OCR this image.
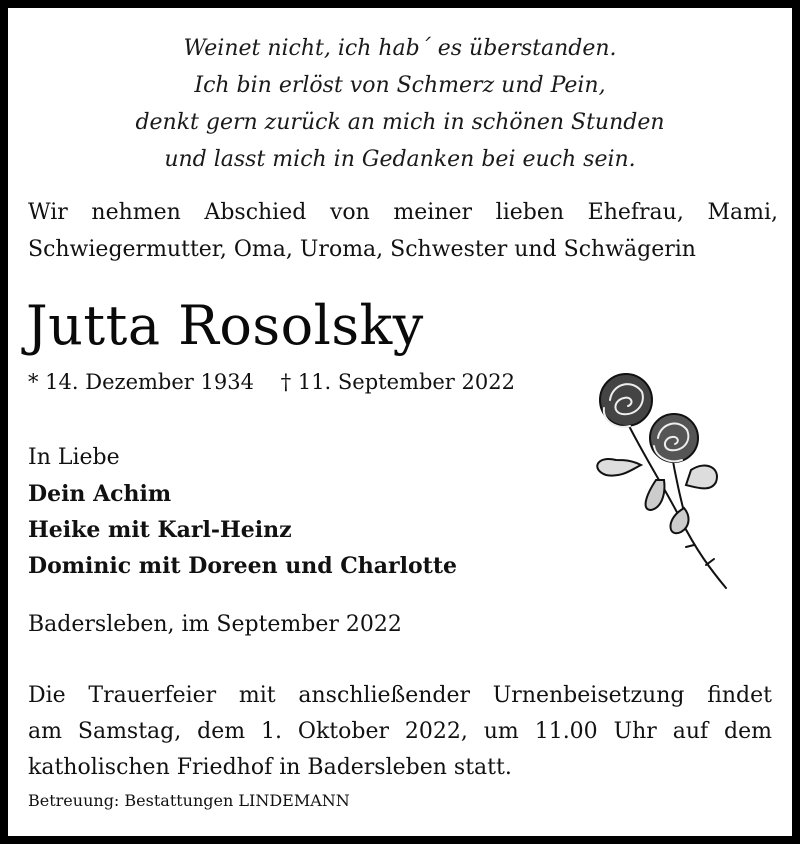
Weinet nicht, ich hab´ es überstanden.
Ich bin erlöst von Schmerz und Pein,
denkt gern zurück an mich in schönen Stunden
und lasst mich in Gedanken bei euch sein.
Wir nehmen Abschied von meiner lieben Ehefrau, Mami,
Schwiegermutter, Oma, Uroma, Schwester und Schwägerin
Jutta Rosolsky
* 14. Dezember 1934 † 11. September 2022
In Liebe
Dein Achim
Heike mit Karl-Heinz
Dominic mit Doreen und Charlotte
Badersleben, im September 2022
Die Trauerfeier mit anschließender Urnenbeisetzung findet
am Samstag, dem 1. Oktober 2022, um 11.00 Uhr auf dem
katholischen Friedhof in Badersleben statt.
Betreuung: Bestattungen LINDEMANN
